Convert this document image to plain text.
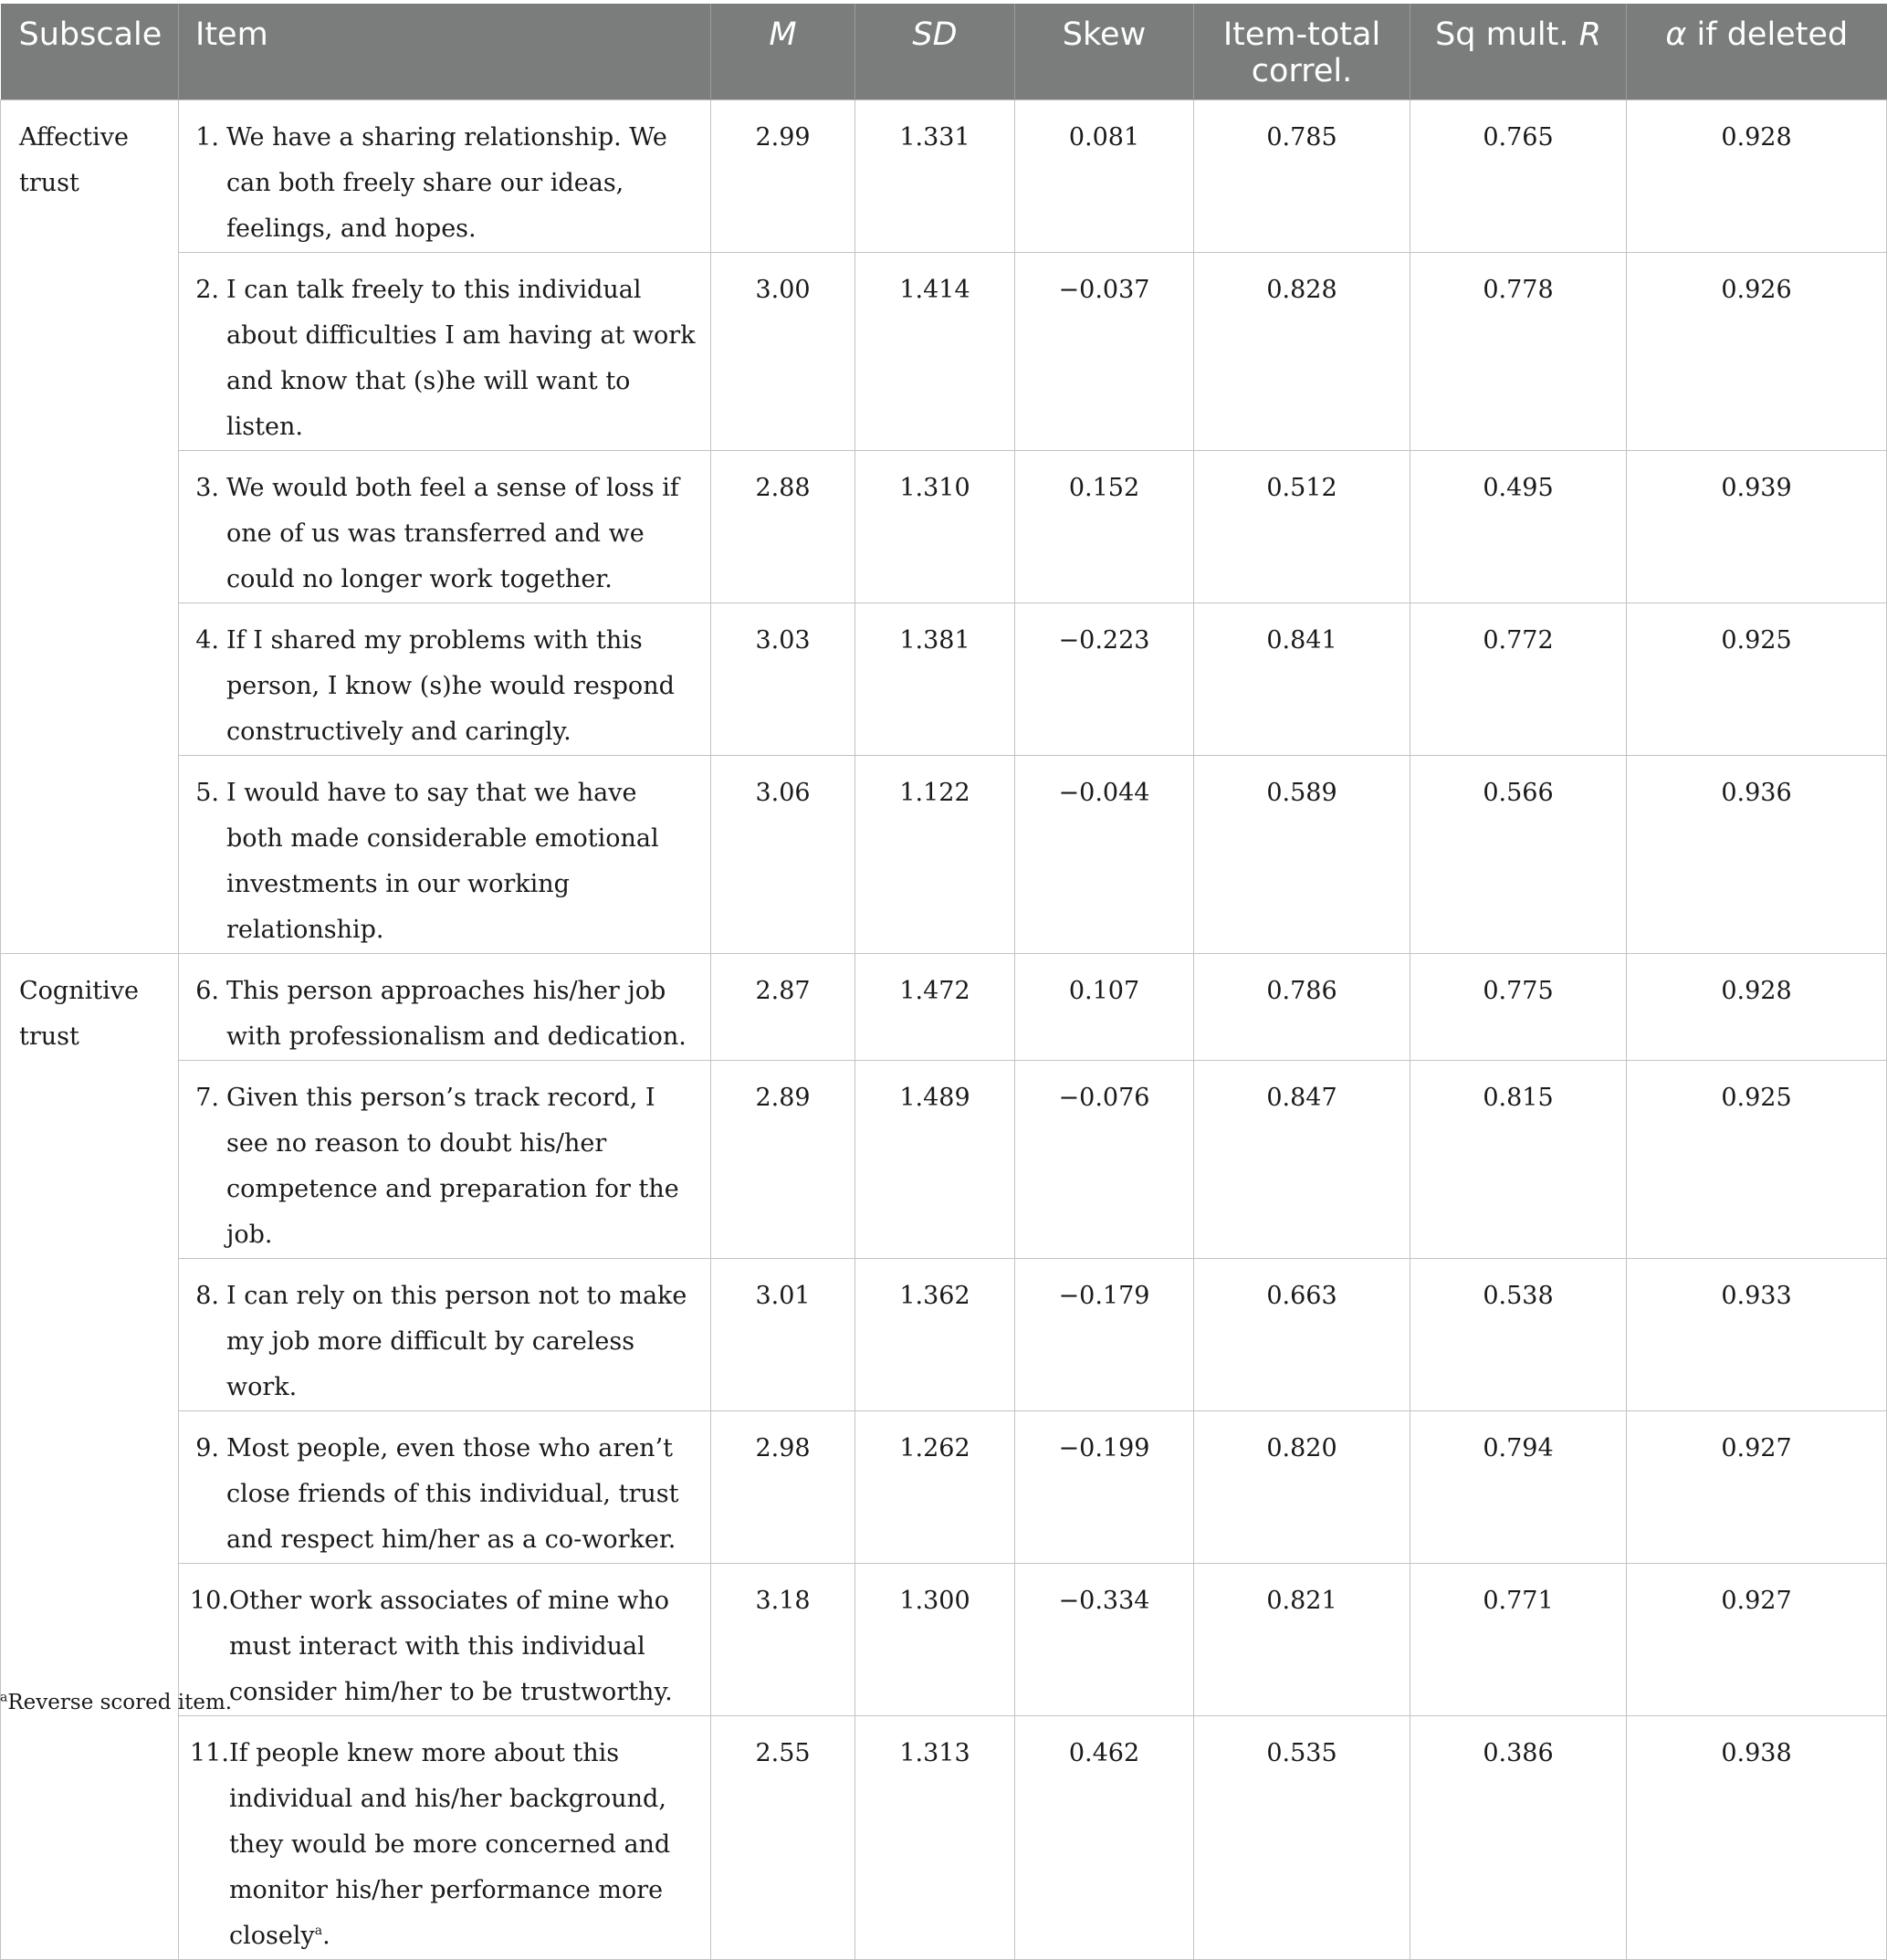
Subscale	Item	M	SD	Skew	Item-total correl.	Sq mult. R	α if deleted

Affective trust	1. We have a sharing relationship. We can both freely share our ideas, feelings, and hopes.	2.99	1.331	0.081	0.785	0.765	0.928

	2. I can talk freely to this individual about difficulties I am having at work and know that (s)he will want to listen.	3.00	1.414	−0.037	0.828	0.778	0.926

	3. We would both feel a sense of loss if one of us was transferred and we could no longer work together.	2.88	1.310	0.152	0.512	0.495	0.939

	4. If I shared my problems with this person, I know (s)he would respond constructively and caringly.	3.03	1.381	−0.223	0.841	0.772	0.925

	5. I would have to say that we have both made considerable emotional investments in our working relationship.	3.06	1.122	−0.044	0.589	0.566	0.936

Cognitive trust	6. This person approaches his/her job with professionalism and dedication.	2.87	1.472	0.107	0.786	0.775	0.928

	7. Given this person’s track record, I see no reason to doubt his/her competence and preparation for the job.	2.89	1.489	−0.076	0.847	0.815	0.925

	8. I can rely on this person not to make my job more difficult by careless work.	3.01	1.362	−0.179	0.663	0.538	0.933

	9. Most people, even those who aren’t close friends of this individual, trust and respect him/her as a co-worker.	2.98	1.262	−0.199	0.820	0.794	0.927

	10. Other work associates of mine who must interact with this individual consider him/her to be trustworthy.	3.18	1.300	−0.334	0.821	0.771	0.927

	11. If people knew more about this individual and his/her background, they would be more concerned and monitor his/her performance more closely$^a$.	2.55	1.313	0.462	0.535	0.386	0.938
$^a$Reverse scored item.
